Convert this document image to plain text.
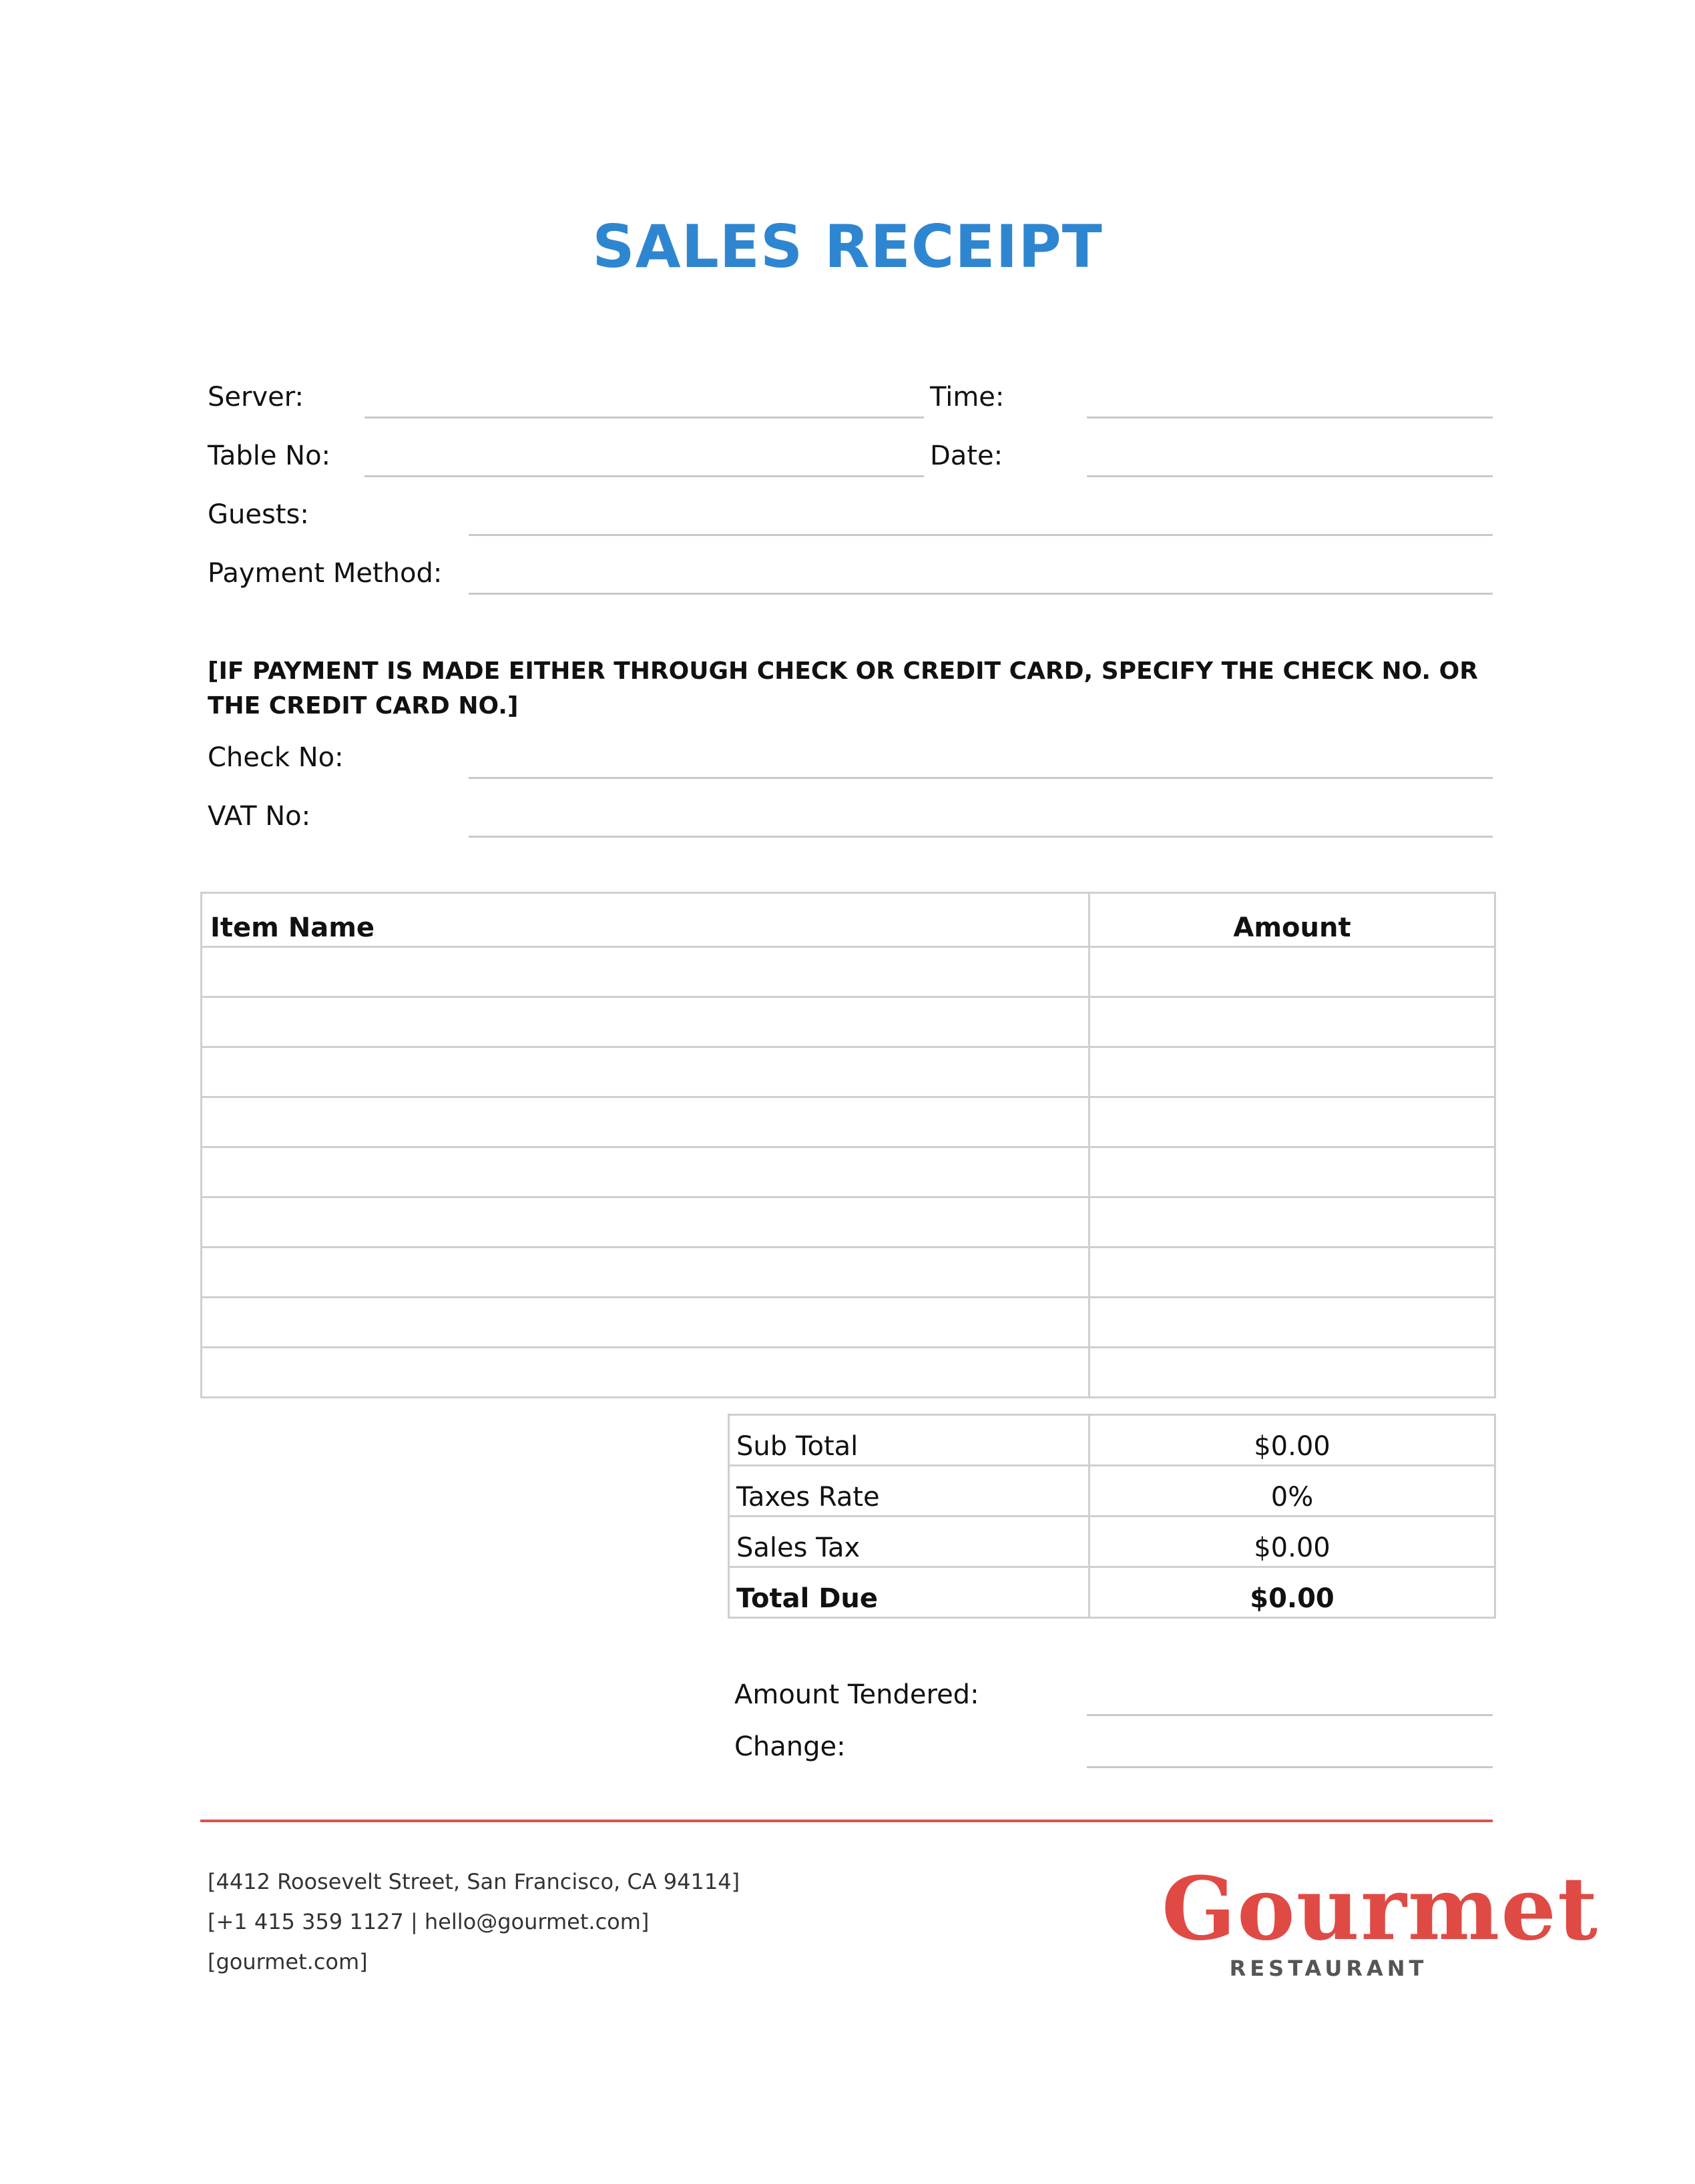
SALES RECEIPT
Server:	Time:
Table No:	Date:
Guests:
Payment Method:
[IF PAYMENT IS MADE EITHER THROUGH CHECK OR CREDIT CARD, SPECIFY THE CHECK NO. OR THE CREDIT CARD NO.]
Check No:
VAT No:
Item Name	Amount

Sub Total	$0.00
Taxes Rate	0%
Sales Tax	$0.00
Total Due	$0.00
Amount Tendered:
Change:
[4412 Roosevelt Street, San Francisco, CA 94114]
[+1 415 359 1127 | hello@gourmet.com]
[gourmet.com]
Gourmet
RESTAURANT
